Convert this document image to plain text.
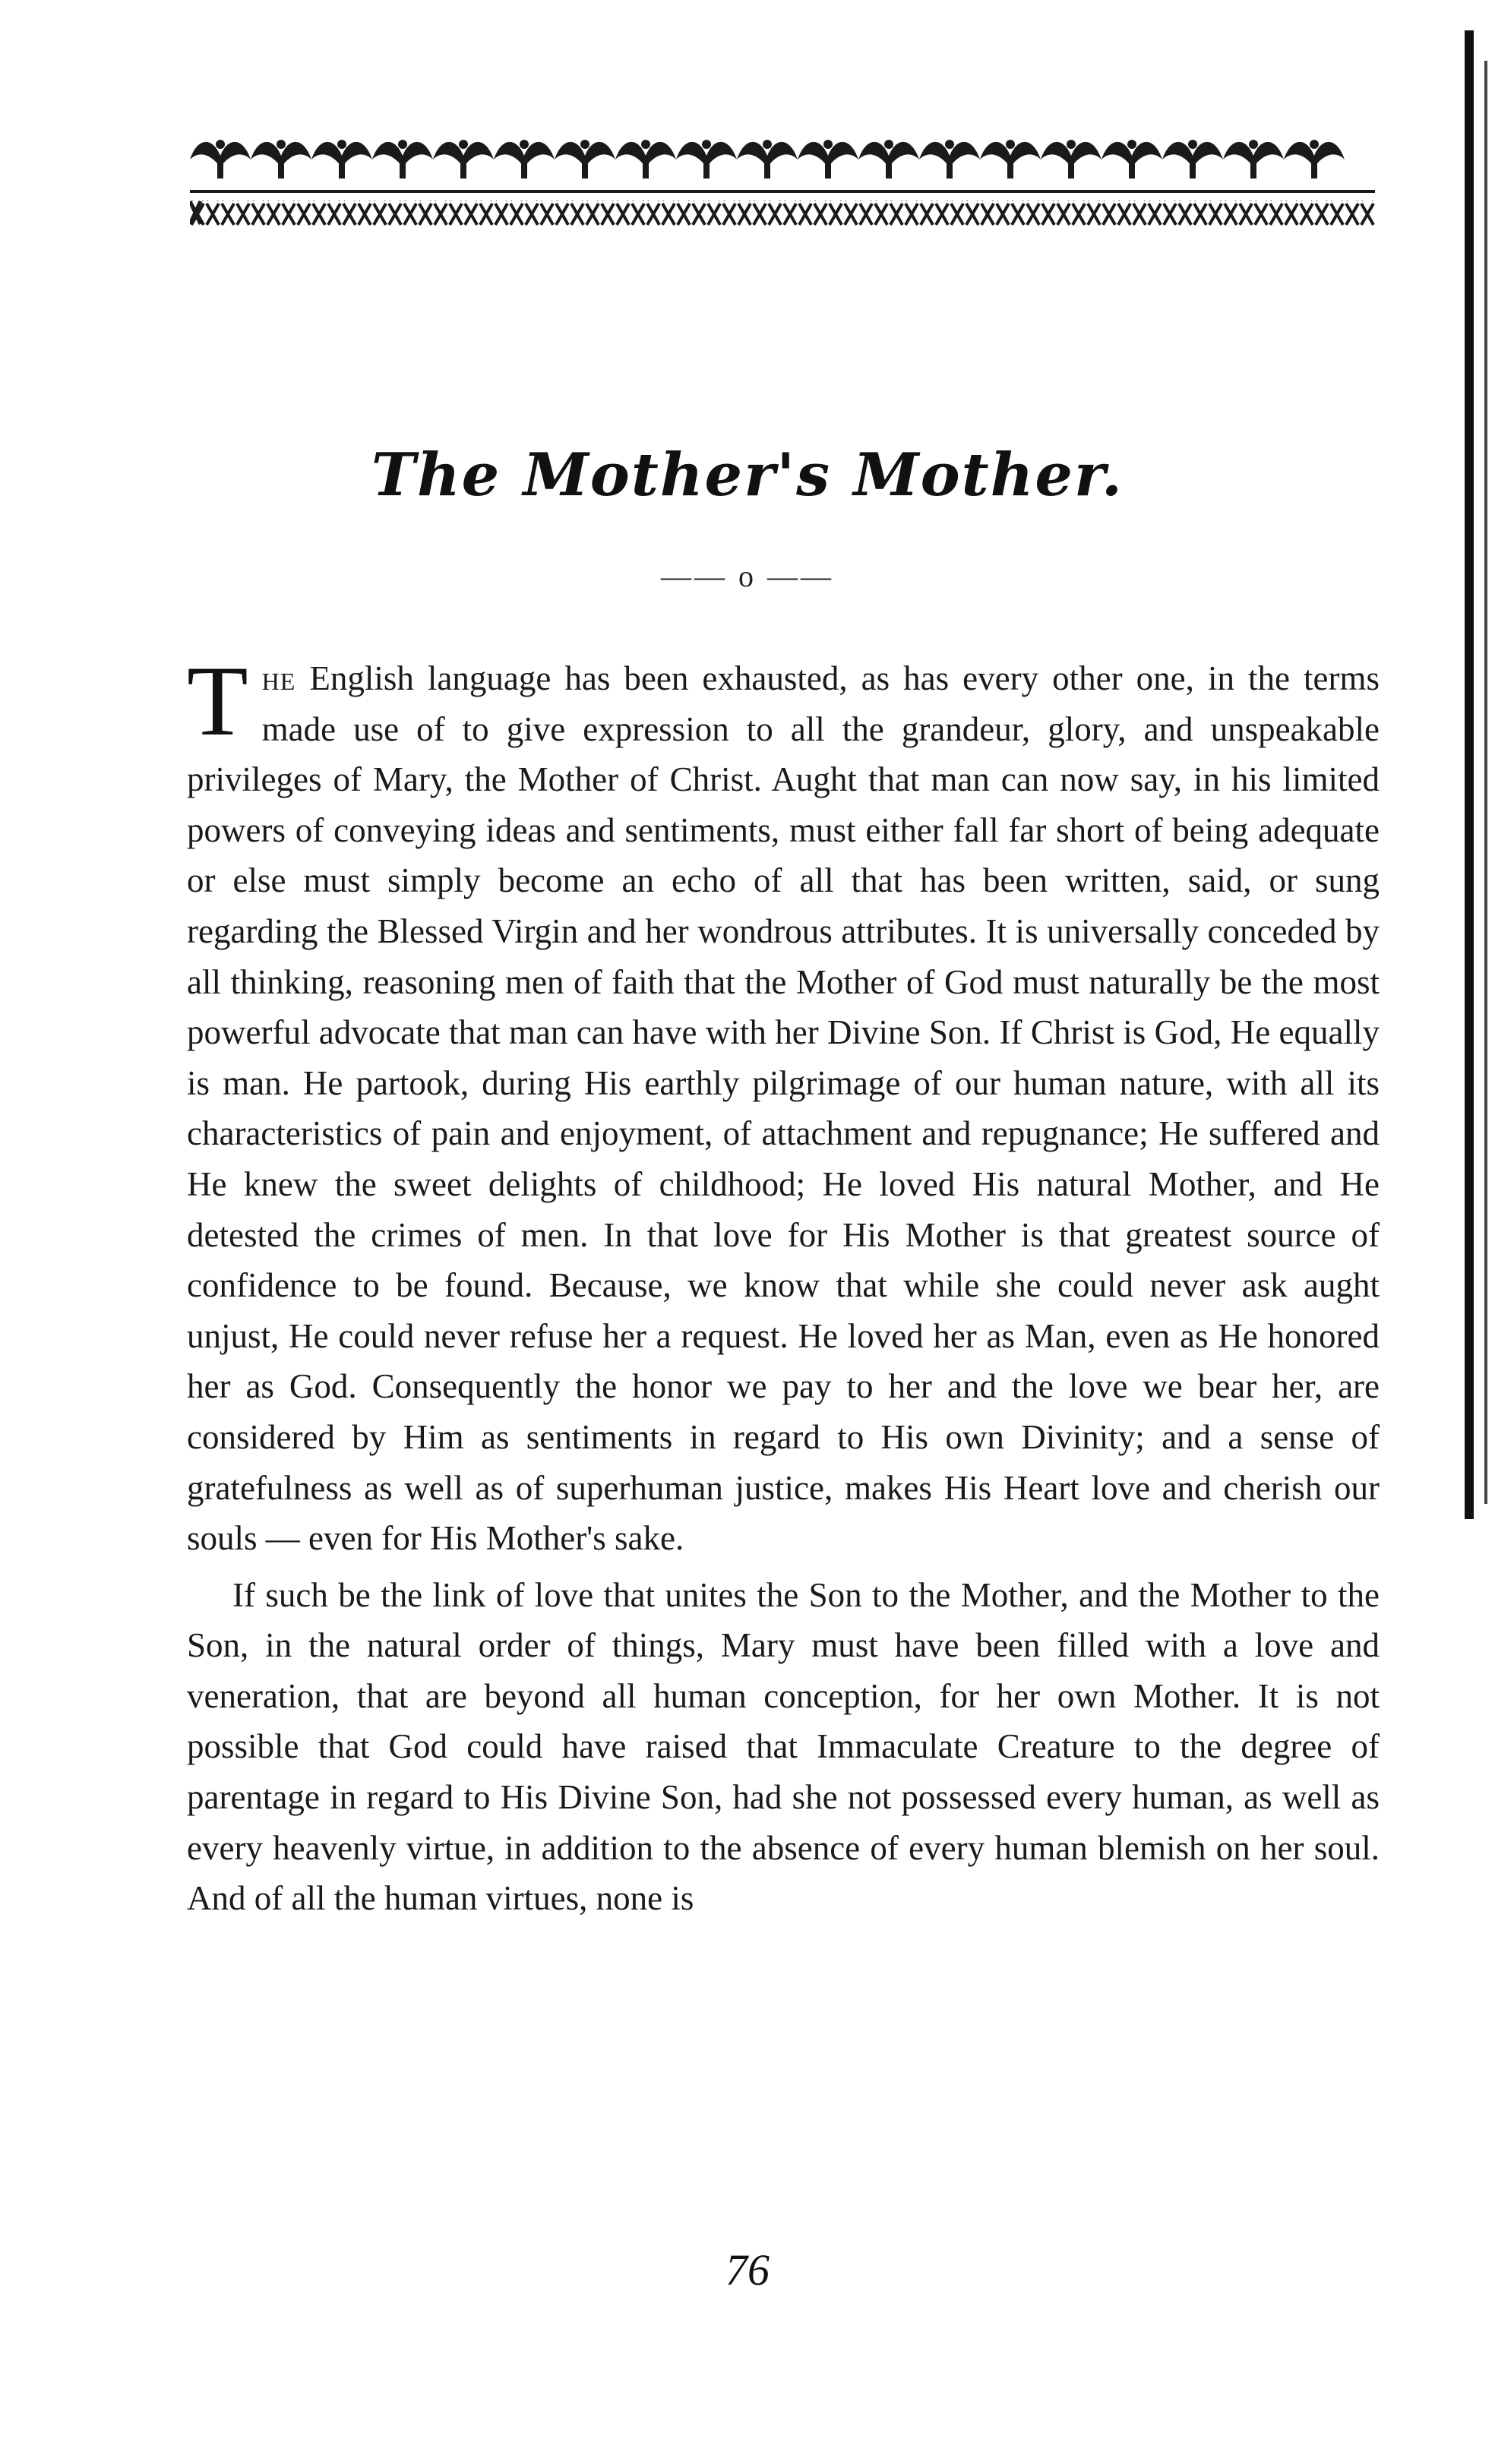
The Mother's Mother.
—— o ——

The English language has been exhausted, as has every other one, in the terms made use of to give expression to all the grandeur, glory, and unspeakable privileges of Mary, the Mother of Christ. Aught that man can now say, in his limited powers of conveying ideas and sentiments, must either fall far short of being adequate or else must simply become an echo of all that has been written, said, or sung regarding the Blessed Virgin and her wondrous attributes. It is universally conceded by all thinking, reasoning men of faith that the Mother of God must naturally be the most powerful advocate that man can have with her Divine Son. If Christ is God, He equally is man. He partook, during His earthly pilgrimage of our human nature, with all its characteristics of pain and enjoyment, of attachment and repugnance; He suffered and He knew the sweet delights of childhood; He loved His natural Mother, and He detested the crimes of men. In that love for His Mother is that greatest source of confidence to be found. Because, we know that while she could never ask aught unjust, He could never refuse her a request. He loved her as Man, even as He honored her as God. Consequently the honor we pay to her and the love we bear her, are considered by Him as sentiments in regard to His own Divinity; and a sense of gratefulness as well as of superhuman justice, makes His Heart love and cherish our souls — even for His Mother's sake.

If such be the link of love that unites the Son to the Mother, and the Mother to the Son, in the natural order of things, Mary must have been filled with a love and veneration, that are beyond all human conception, for her own Mother. It is not possible that God could have raised that Immaculate Creature to the degree of parentage in regard to His Divine Son, had she not possessed every human, as well as every heavenly virtue, in addition to the absence of every human blemish on her soul. And of all the human virtues, none is

76
